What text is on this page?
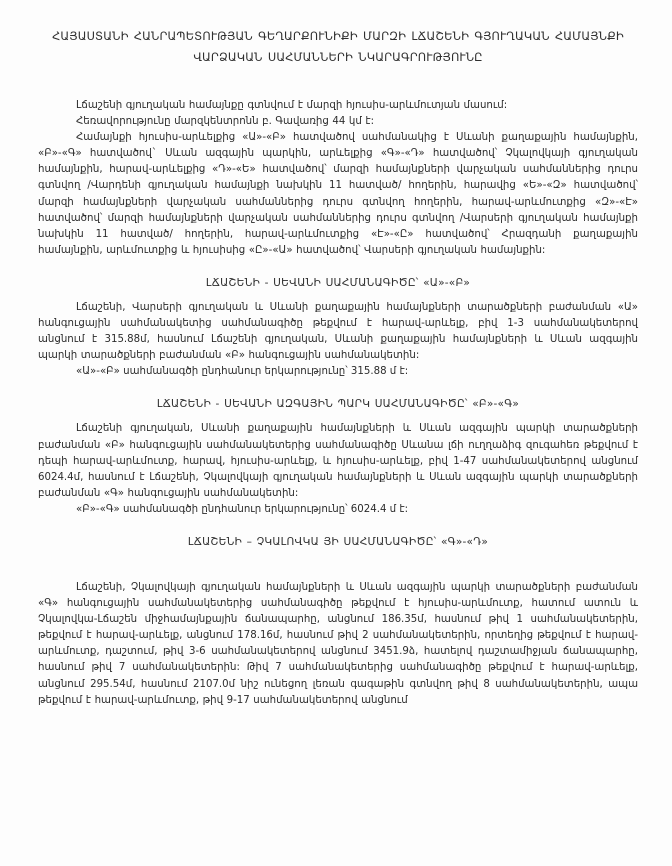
ՀԱՅԱՍՏԱՆԻ ՀԱՆՐԱՊԵՏՈՒԹՅԱՆ ԳԵՂԱՐՔՈՒՆԻՔԻ ՄԱՐԶԻ ԼՃԱՇԵՆԻ ԳՅՈՒՂԱԿԱՆ ՀԱՄԱՅՆՔԻ
ՎԱՐՁԱԿԱՆ ՍԱՀՄԱՆՆԵՐԻ ՆԿԱՐԱԳՐՈՒԹՅՈՒՆԸ

Լճաշենի գյուղական համայնքը գտնվում է մարզի հյուսիս-արևմուտյան մասում:

Հեռավորությունը մարզկենտրոնն բ. Գավառից 44 կմ է:

Համայնքի հյուսիս-արևելքից «Ա»-«Բ» հատվածով սահմանակից է Սևանի քաղաքային համայնքին, «Բ»-«Գ» հատվածով` Սևան ազգային պարկին, արևելքից «Գ»-«Դ» հատվածով՝ Չկալովկայի գյուղական համայնքին, հարավ-արևելքից «Դ»-«Ե» հատվածով՝ մարզի համայնքների վարչական սահմաններից դուրս գտնվող /Վարդենի գյուղական համայնքի նախկին 11 հատված/ հողերին, հարավից «Ե»-«Զ» հատվածով՝ մարզի համայնքների վարչական սահմաններից դուրս գտնվող հողերին, հարավ-արևմուտքից «Զ»-«Է» հատվածով՝ մարզի համայնքների վարչական սահմաններից դուրս գտնվող /Վարսերի գյուղական համայնքի նախկին 11 հատված/ հողերին, հարավ-արևմուտքից «Է»-«Ը» հատվածով՝ Հրազդանի քաղաքային համայնքին, արևմուտքից և հյուսիսից «Ը»-«Ա» հատվածով՝ Վարսերի գյուղական համայնքին:

ԼՃԱՇԵՆԻ - ՍԵՎԱՆԻ ՍԱՀՄԱՆԱԳԻԾԸ՝ «Ա»-«Բ»

Լճաշենի, Վարսերի գյուղական և Սևանի քաղաքային համայնքների տարածքների բաժանման «Ա» հանգուցային սահմանակետից սահմանագիծը թեքվում է հարավ-արևելք, բիվ 1-3 սահմանակետերով անցնում է 315.88մ, հասնում Լճաշենի գյուղական, Սևանի քաղաքային համայնքների և Սևան ազգային պարկի տարածքների բաժանման «Բ» հանգուցային սահմանակետին:

«Ա»-«Բ» սահմանագծի ընդհանուր երկարությունը՝ 315.88 մ է:

ԼՃԱՇԵՆԻ - ՍԵՎԱՆԻ ԱԶԳԱՅԻՆ ՊԱՐԿ ՍԱՀՄԱՆԱԳԻԾԸ՝ «Բ»-«Գ»

Լճաշենի գյուղական, Սևանի քաղաքային համայնքների և Սևան ազգային պարկի տարածքների բաժանման «Բ» հանգուցային սահմանակետերից սահմանագիծը Սևանա լճի ուղղաձիգ զուգահեռ թեքվում է դեպի հարավ-արևմուտք, հարավ, հյուսիս-արևելք, և հյուսիս-արևելք, բիվ 1-47 սահմանակետերով անցնում 6024.4մ, հասնում է Լճաշենի, Չկալովկայի գյուղական համայնքների և Սևան ազգային պարկի տարածքների բաժանման «Գ» հանգուցային սահմանակետին:

«Բ»-«Գ» սահմանագծի ընդհանուր երկարությունը՝ 6024.4 մ է:

ԼՃԱՇԵՆԻ – ՉԿԱԼՈՎԿԱ ՅԻ ՍԱՀՄԱՆԱԳԻԾԸ՝ «Գ»-«Դ»

Լճաշենի, Չկալովկայի գյուղական համայնքների և Սևան ազգային պարկի տարածքների բաժանման «Գ» հանգուցային սահմանակետերից սահմանագիծը թեքվում է հյուսիս-արևմուտք, հատում ատուն և Չկալովկա-Լճաշեն միջհամայնքային ճանապարհը, անցնում 186.35մ, հասնում թիվ 1 սահմանակետերին, թեքվում է հարավ-արևելք, անցնում 178.16մ, հասնում թիվ 2 սահմանակետերին, որտեղից թեքվում է հարավ-արևմուտք, դաշտում, թիվ 3-6 սահմանակետերով անցնում 3451.9ձ, հատելով դաշտամիջյան ճանապարհը, հասնում թիվ 7 սահմանակետերին: Թիվ 7 սահմանակետերից սահմանագիծը թեքվում է հարավ-արևելք, անցնում 295.54մ, հասնում 2107.0մ նիշ ունեցող լեռան գագաթին գտնվող թիվ 8 սահմանակետերին, ապա թեքվում է հարավ-արևմուտք, թիվ 9-17 սահմանակետերով անցնում
